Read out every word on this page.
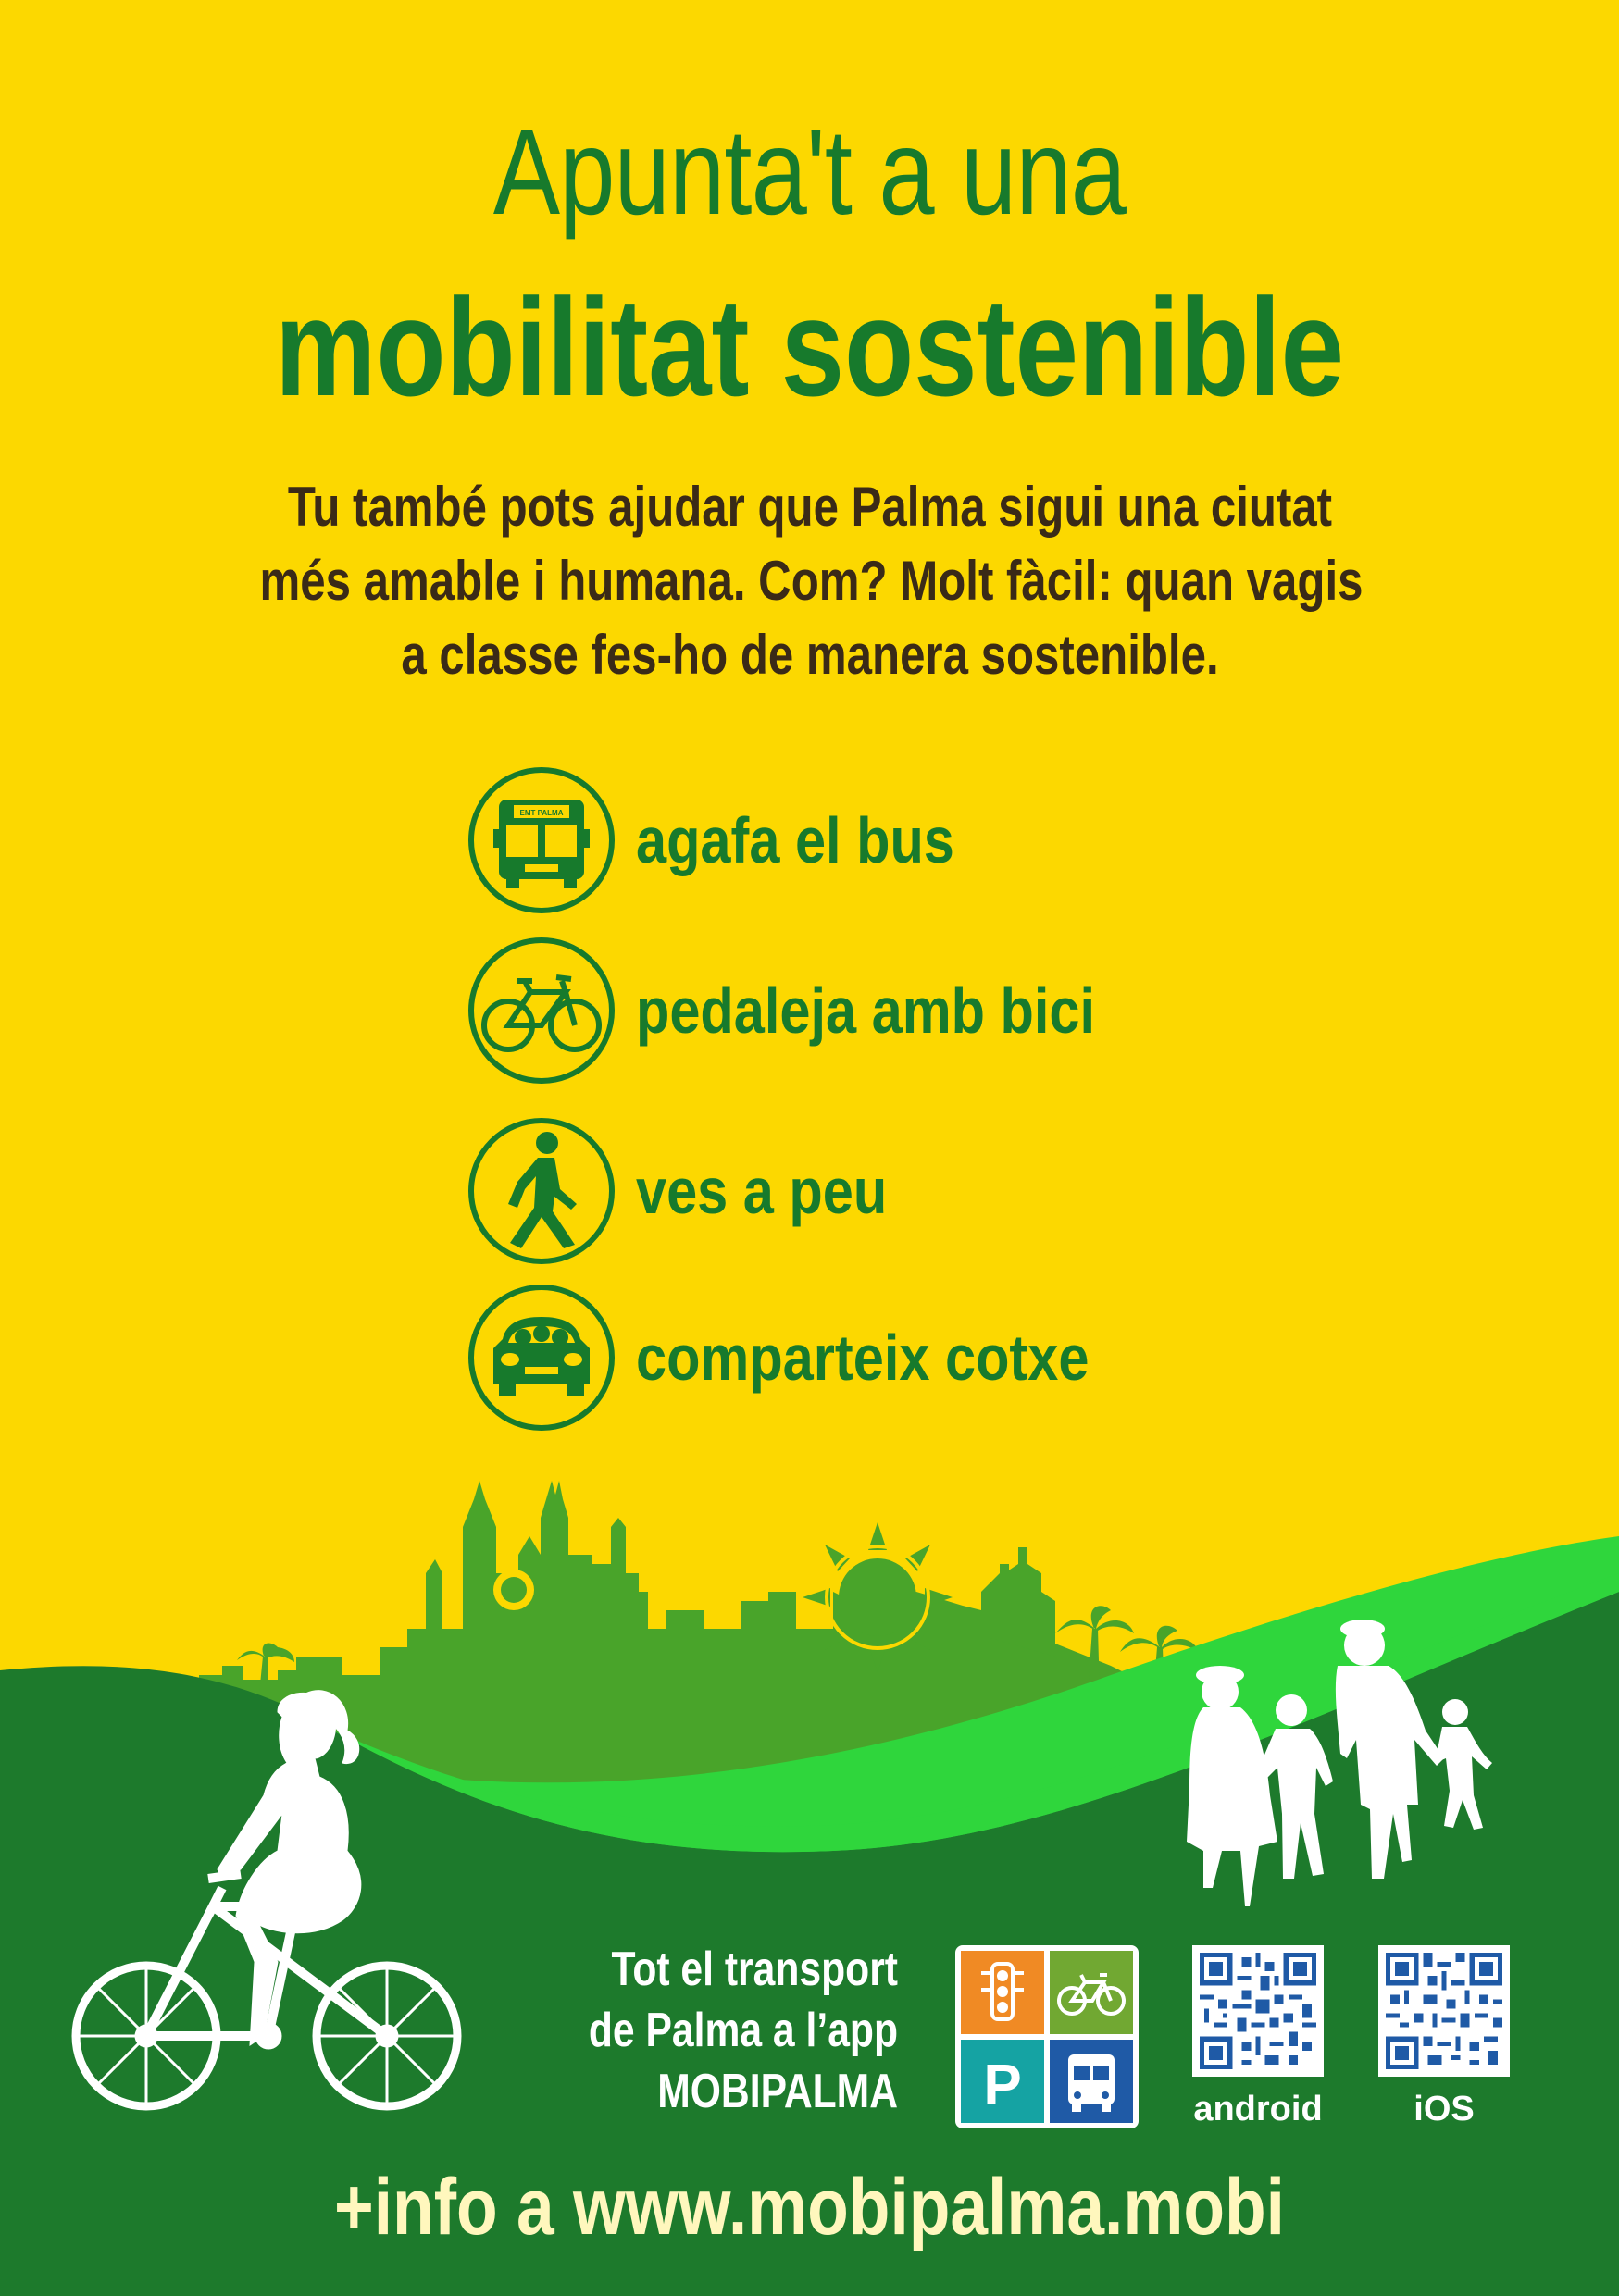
Apunta't a una
mobilitat sostenible
Tu també pots ajudar que Palma sigui una ciutat
més amable i humana. Com? Molt fàcil: quan vagis
a classe fes-ho de manera sostenible.
EMT PALMA agafa el bus
pedaleja amb bici
ves a peu
comparteix cotxe
Tot el transport
de Palma a l’app
MOBIPALMA P	android	iOS
+info a www.mobipalma.mobi
